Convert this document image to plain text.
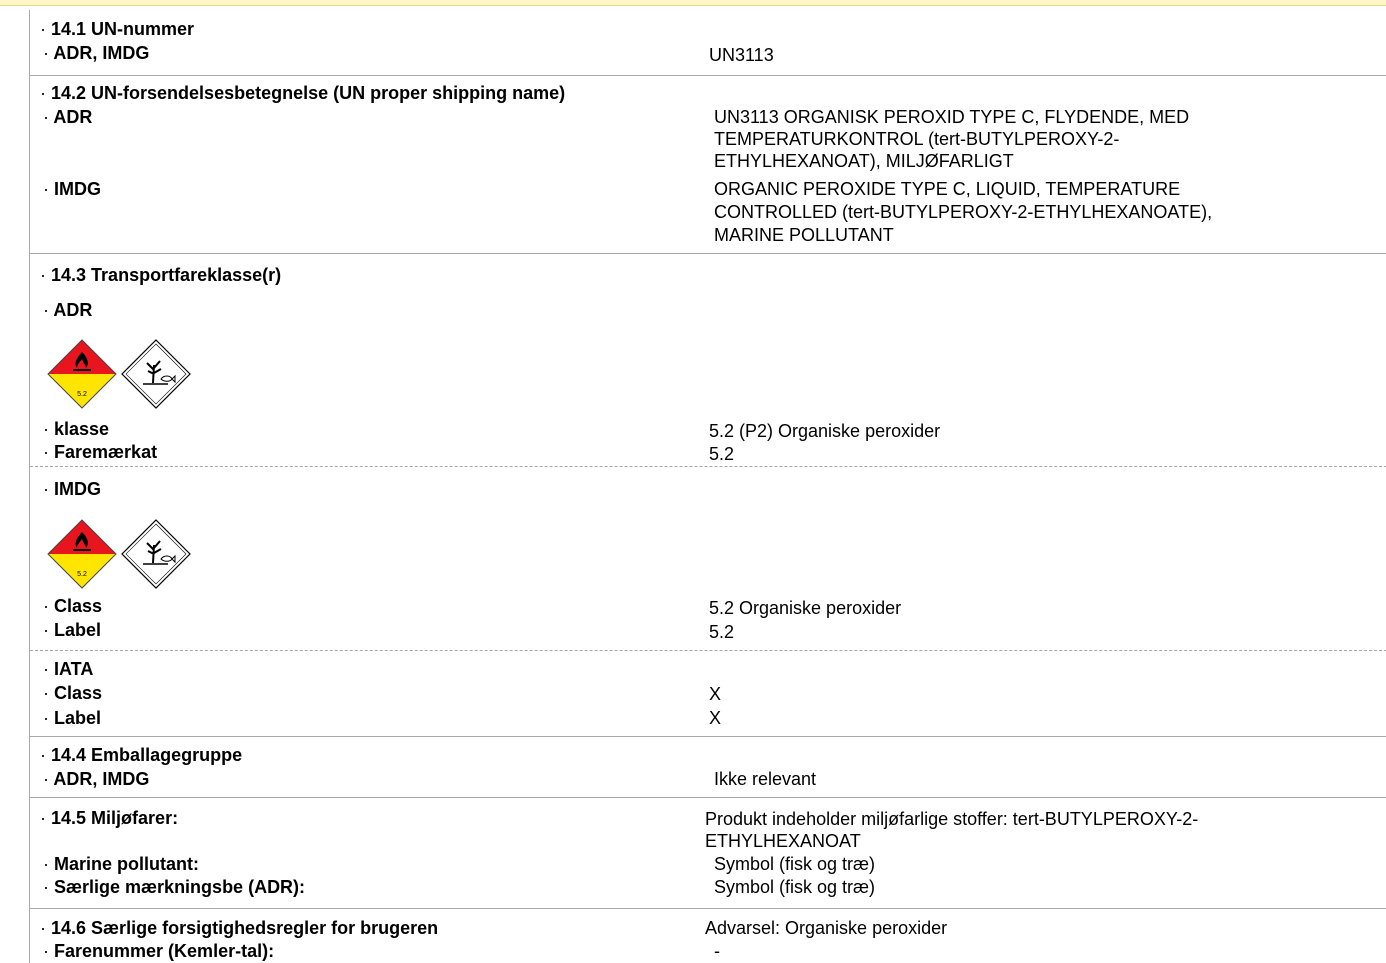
· 14.1 UN-nummer
· ADR, IMDG	UN3113
· 14.2 UN-forsendelsesbetegnelse (UN proper shipping name)
· ADR	UN3113 ORGANISK PEROXID TYPE C, FLYDENDE, MED
TEMPERATURKONTROL (tert-BUTYLPEROXY-2-
ETHYLHEXANOAT), MILJØFARLIGT
· IMDG	ORGANIC PEROXIDE TYPE C, LIQUID, TEMPERATURE
CONTROLLED (tert-BUTYLPEROXY-2-ETHYLHEXANOATE),
MARINE POLLUTANT
· 14.3 Transportfareklasse(r)
· ADR
5.2
· klasse	5.2 (P2) Organiske peroxider
· Faremærkat	5.2
· IMDG
5.2
· Class	5.2 Organiske peroxider
· Label	5.2
· IATA
· Class	X
· Label	X
· 14.4 Emballagegruppe
· ADR, IMDG	Ikke relevant
· 14.5 Miljøfarer:	Produkt indeholder miljøfarlige stoffer: tert-BUTYLPEROXY-2-
ETHYLHEXANOAT
· Marine pollutant:	Symbol (fisk og træ)
· Særlige mærkningsbe (ADR):	Symbol (fisk og træ)
· 14.6 Særlige forsigtighedsregler for brugeren	Advarsel: Organiske peroxider
· Farenummer (Kemler-tal):	-
